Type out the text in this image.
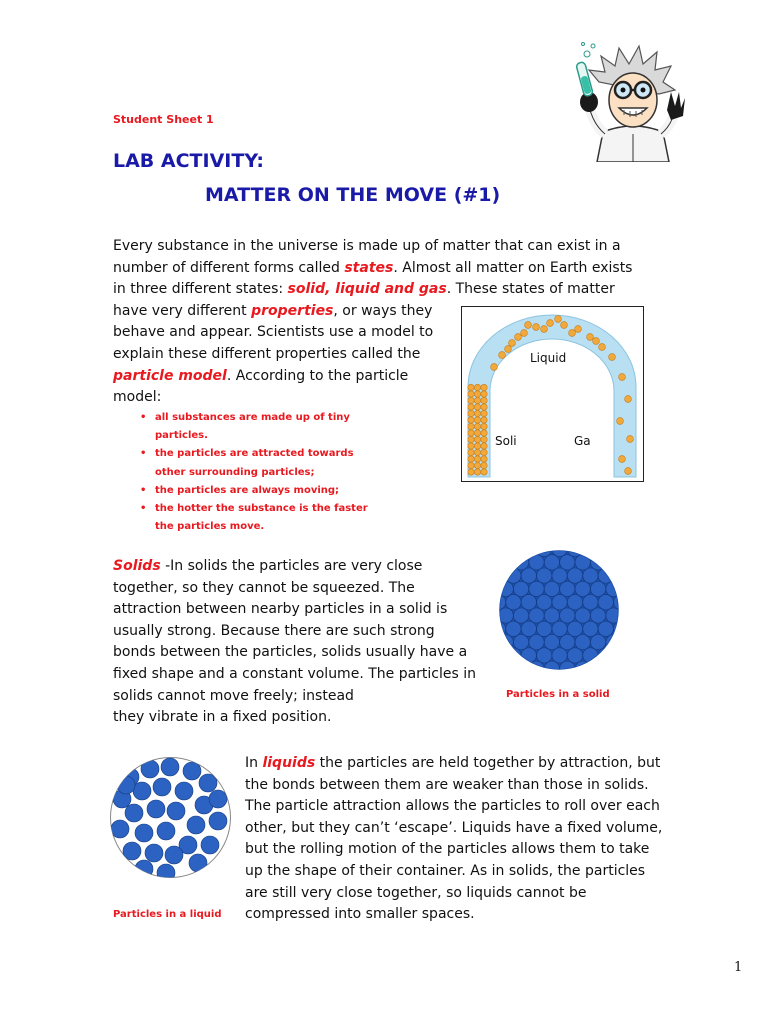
Student Sheet 1
LAB ACTIVITY:
MATTER ON THE MOVE (#1)

Every substance in the universe is made up of matter that can exist in a

number of different forms called states. Almost all matter on Earth exists

in three different states: solid, liquid and gas. These states of matter

have very different properties, or ways they

behave and appear. Scientists use a model to

explain these different properties called the

particle model. According to the particle

model:

• all substances are made up of tiny
particles.
• the particles are attracted towards
other surrounding particles;
• the particles are always moving;
• the hotter the substance is the faster
the particles move.
Liquid
Soli	Ga

Solids -In solids the particles are very close

together, so they cannot be squeezed. The

attraction between nearby particles in a solid is

usually strong. Because there are such strong

bonds between the particles, solids usually have a

fixed shape and a constant volume. The particles in

solids cannot move freely; instead

they vibrate in a fixed position.

Particles in a solid
Particles in a liquid

In liquids the particles are held together by attraction, but

the bonds between them are weaker than those in solids.

The particle attraction allows the particles to roll over each

other, but they can’t ‘escape’. Liquids have a fixed volume,

but the rolling motion of the particles allows them to take

up the shape of their container. As in solids, the particles

are still very close together, so liquids cannot be

compressed into smaller spaces.

1
